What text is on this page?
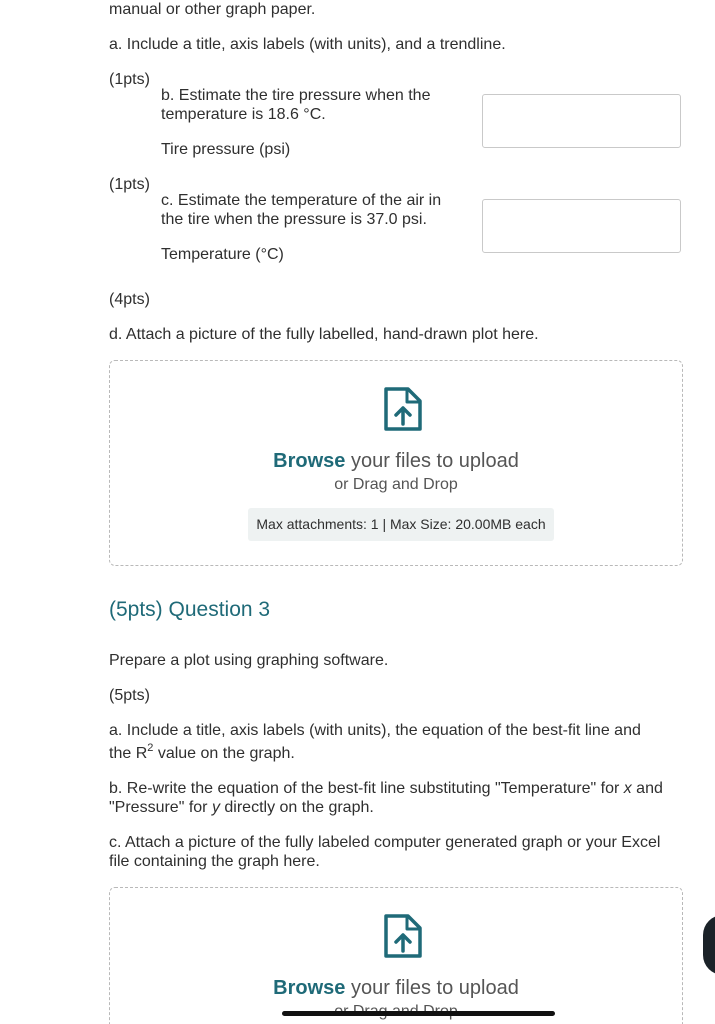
manual or other graph paper.
a. Include a title, axis labels (with units), and a trendline.
(1pts)
b. Estimate the tire pressure when the
temperature is 18.6 °C.
Tire pressure (psi)
(1pts)
c. Estimate the temperature of the air in
the tire when the pressure is 37.0 psi.
Temperature (°C)
(4pts)
d. Attach a picture of the fully labelled, hand-drawn plot here.
Browse your files to upload
or Drag and Drop
Max attachments: 1 | Max Size: 20.00MB each
(5pts) Question 3
Prepare a plot using graphing software.
(5pts)
a. Include a title, axis labels (with units), the equation of the best-fit line and
the $R^2$ value on the graph.
b. Re-write the equation of the best-fit line substituting "Temperature" for x and
"Pressure" for y directly on the graph.
c. Attach a picture of the fully labeled computer generated graph or your Excel
file containing the graph here.
Browse your files to upload
